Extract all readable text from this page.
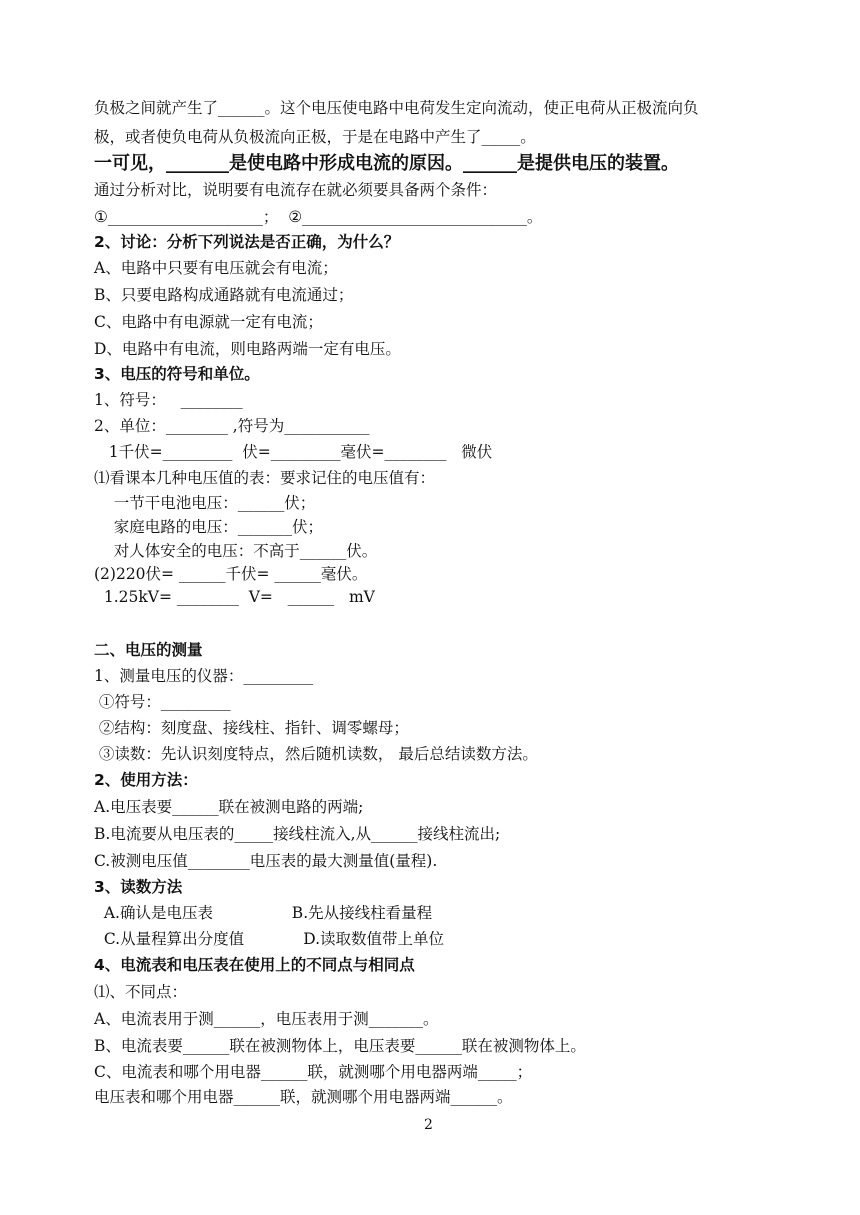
负极之间就产生了______。这个电压使电路中电荷发生定向流动，使正电荷从正极流向负
极，或者使负电荷从负极流向正极，于是在电路中产生了_____。
一可见，_______是使电路中形成电流的原因。______是提供电压的装置。
通过分析对比，说明要有电流存在就必须要具备两个条件：
①____________________；  ②_____________________________。
2、讨论：分析下列说法是否正确，为什么？
A、电路中只要有电压就会有电流；
B、只要电路构成通路就有电流通过；
C、电路中有电源就一定有电流；
D、电路中有电流，则电路两端一定有电压。
3、电压的符号和单位。
1、符号：   ________
2、单位：________ ,符号为___________
1千伏=_________  伏=_________毫伏=________   微伏
⑴看课本几种电压值的表：要求记住的电压值有：
一节干电池电压：______伏；
家庭电路的电压：_______伏；
对人体安全的电压：不高于______伏。
(2)220伏= ______千伏= ______毫伏。
1.25kV= ________  V=   ______   mV
二、电压的测量
1、测量电压的仪器：_________
①符号：_________
②结构：刻度盘、接线柱、指针、调零螺母；
③读数：先认识刻度特点，然后随机读数， 最后总结读数方法。
2、使用方法：
A.电压表要______联在被测电路的两端;
B.电流要从电压表的_____接线柱流入,从______接线柱流出;
C.被测电压值________电压表的最大测量值(量程).
3、读数方法
A.确认是电压表                B.先从接线柱看量程
C.从量程算出分度值            D.读取数值带上单位
4、电流表和电压表在使用上的不同点与相同点
⑴、不同点：
A、电流表用于测______，电压表用于测_______。
B、电流表要______联在被测物体上，电压表要______联在被测物体上。
C、电流表和哪个用电器______联，就测哪个用电器两端_____；
电压表和哪个用电器______联，就测哪个用电器两端______。
2
